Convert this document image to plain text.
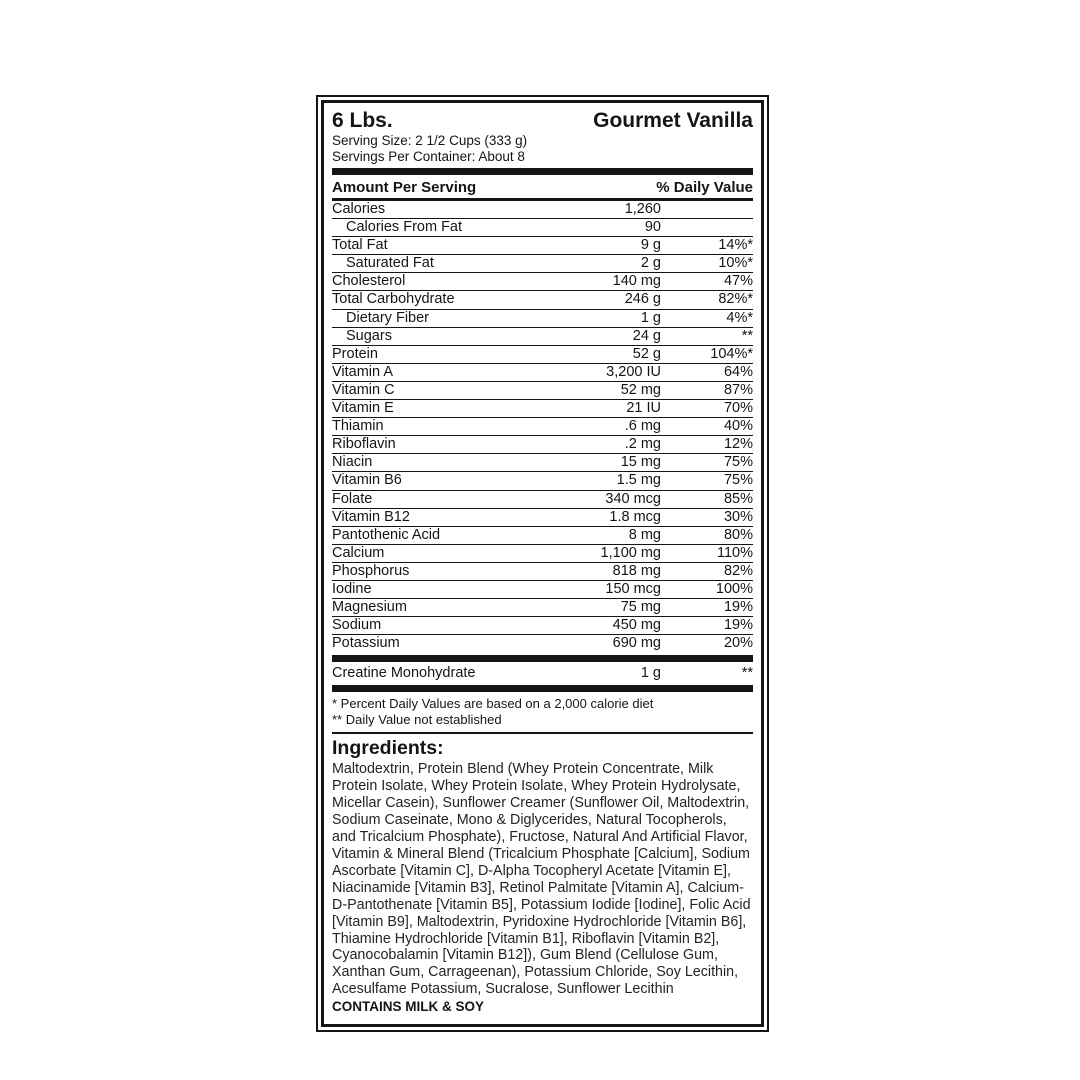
6 Lbs.	Gourmet Vanilla
Serving Size: 2 1/2 Cups (333 g)
Servings Per Container: About 8
Amount Per Serving	% Daily Value
Calories	1,260
Calories From Fat	90
Total Fat	9 g	14%*
Saturated Fat	2 g	10%*
Cholesterol	140 mg	47%
Total Carbohydrate	246 g	82%*
Dietary Fiber	1 g	4%*
Sugars	24 g	**
Protein	52 g	104%*
Vitamin A	3,200 IU	64%
Vitamin C	52 mg	87%
Vitamin E	21 IU	70%
Thiamin	.6 mg	40%
Riboflavin	.2 mg	12%
Niacin	15 mg	75%
Vitamin B6	1.5 mg	75%
Folate	340 mcg	85%
Vitamin B12	1.8 mcg	30%
Pantothenic Acid	8 mg	80%
Calcium	1,100 mg	110%
Phosphorus	818 mg	82%
Iodine	150 mcg	100%
Magnesium	75 mg	19%
Sodium	450 mg	19%
Potassium	690 mg	20%
Creatine Monohydrate	1 g	**
* Percent Daily Values are based on a 2,000 calorie diet
** Daily Value not established
Ingredients:
Maltodextrin, Protein Blend (Whey Protein Concentrate, Milk Protein Isolate, Whey Protein Isolate, Whey Protein Hydrolysate, Micellar Casein), Sunflower Creamer (Sunflower Oil, Maltodextrin, Sodium Caseinate, Mono & Diglycerides, Natural Tocopherols, and Tricalcium Phosphate), Fructose, Natural And Artificial Flavor, Vitamin & Mineral Blend (Tricalcium Phosphate [Calcium], Sodium Ascorbate [Vitamin C], D-Alpha Tocopheryl Acetate [Vitamin E], Niacinamide [Vitamin B3], Retinol Palmitate [Vitamin A], Calcium-D-Pantothenate [Vitamin B5], Potassium Iodide [Iodine], Folic Acid [Vitamin B9], Maltodextrin, Pyridoxine Hydrochloride [Vitamin B6], Thiamine Hydrochloride [Vitamin B1], Riboflavin [Vitamin B2], Cyanocobalamin [Vitamin B12]), Gum Blend (Cellulose Gum, Xanthan Gum, Carrageenan), Potassium Chloride, Soy Lecithin, Acesulfame Potassium, Sucralose, Sunflower Lecithin
CONTAINS MILK & SOY
